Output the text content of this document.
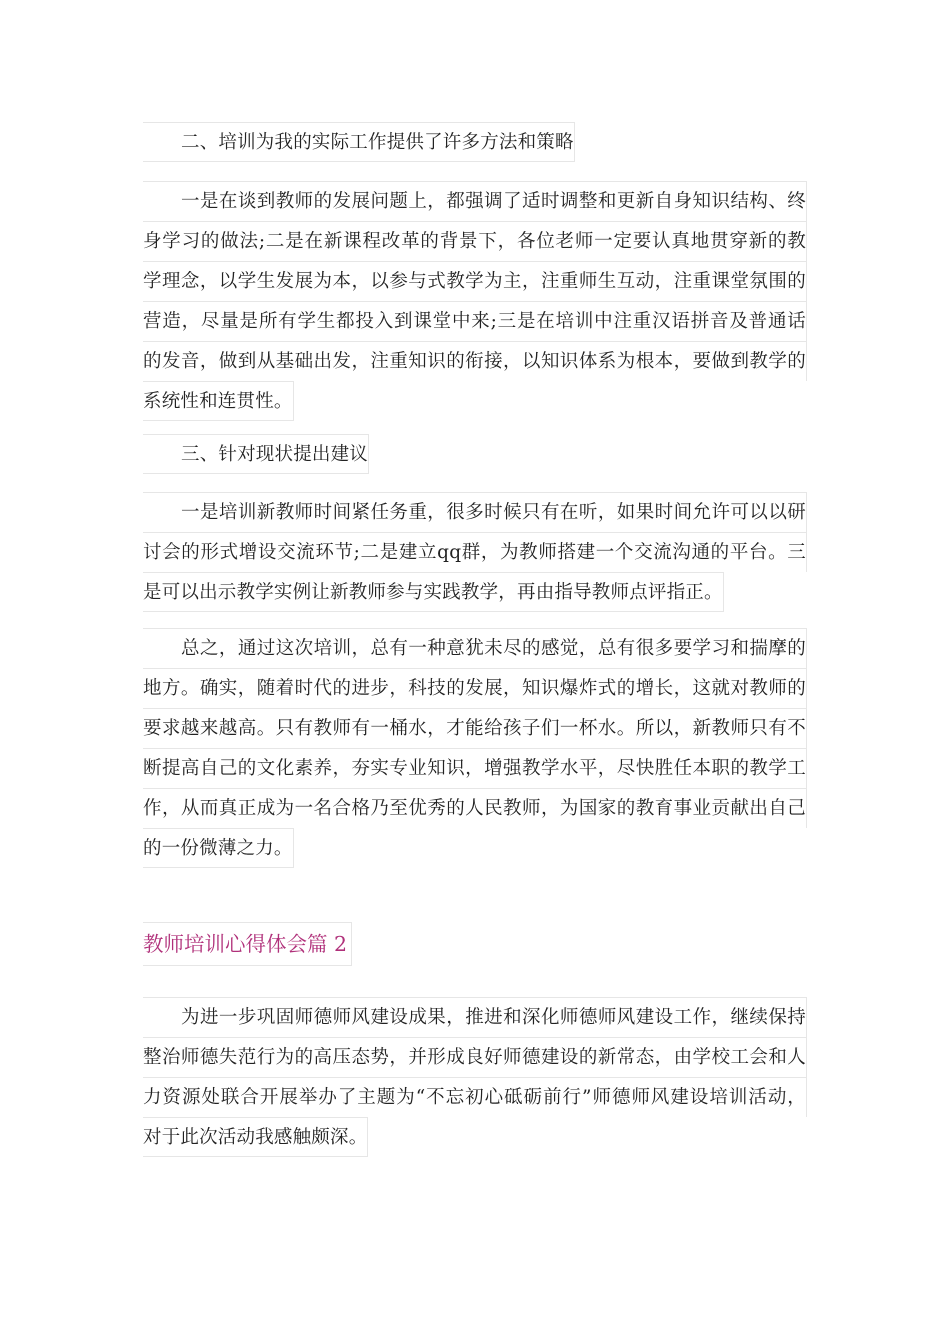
二、培训为我的实际工作提供了许多方法和策略
一是在谈到教师的发展问题上，都强调了适时调整和更新自身知识结构、终
身学习的做法;二是在新课程改革的背景下，各位老师一定要认真地贯穿新的教
学理念，以学生发展为本，以参与式教学为主，注重师生互动，注重课堂氛围的
营造，尽量是所有学生都投入到课堂中来;三是在培训中注重汉语拼音及普通话
的发音，做到从基础出发，注重知识的衔接，以知识体系为根本，要做到教学的
系统性和连贯性。
三、针对现状提出建议
一是培训新教师时间紧任务重，很多时候只有在听，如果时间允许可以以研
讨会的形式增设交流环节;二是建立qq群，为教师搭建一个交流沟通的平台。三
是可以出示教学实例让新教师参与实践教学，再由指导教师点评指正。
总之，通过这次培训，总有一种意犹未尽的感觉，总有很多要学习和揣摩的
地方。确实，随着时代的进步，科技的发展，知识爆炸式的增长，这就对教师的
要求越来越高。只有教师有一桶水，才能给孩子们一杯水。所以，新教师只有不
断提高自己的文化素养，夯实专业知识，增强教学水平，尽快胜任本职的教学工
作，从而真正成为一名合格乃至优秀的人民教师，为国家的教育事业贡献出自己
的一份微薄之力。
教师培训心得体会篇 2
为进一步巩固师德师风建设成果，推进和深化师德师风建设工作，继续保持
整治师德失范行为的高压态势，并形成良好师德建设的新常态，由学校工会和人
力资源处联合开展举办了主题为“不忘初心砥砺前行”师德师风建设培训活动，
对于此次活动我感触颇深。
